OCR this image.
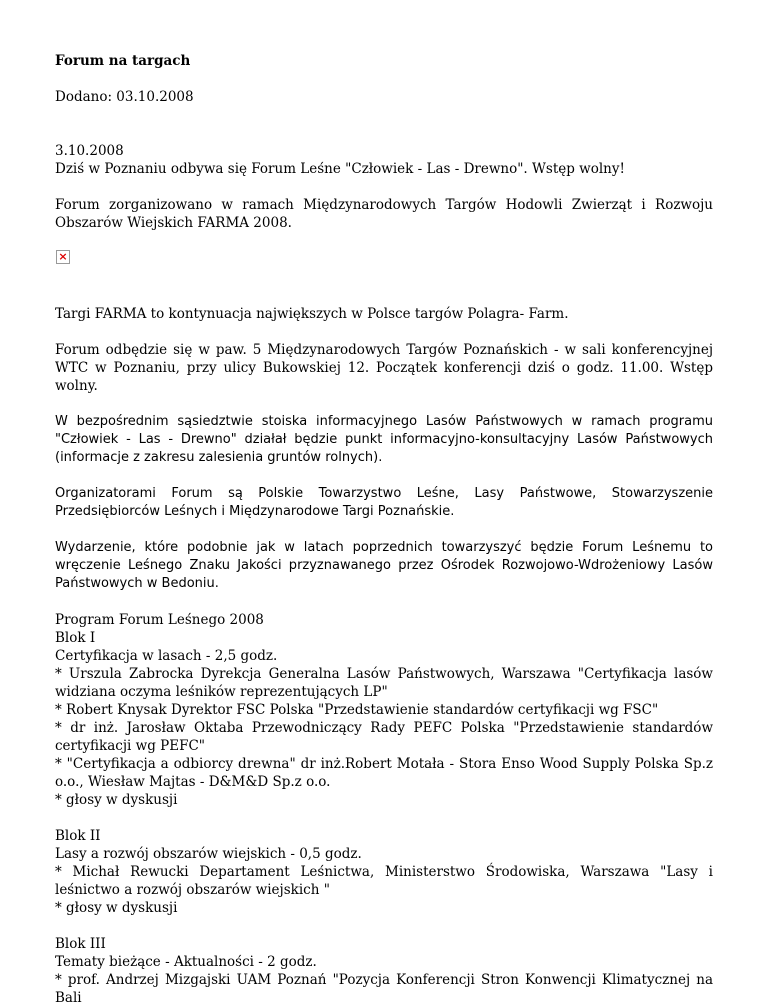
Forum na targach
Dodano: 03.10.2008
3.10.2008
Dziś w Poznaniu odbywa się Forum Leśne "Człowiek - Las - Drewno". Wstęp wolny!
Forum zorganizowano w ramach Międzynarodowych Targów Hodowli Zwierząt i Rozwoju Obszarów Wiejskich FARMA 2008.
×
Targi FARMA to kontynuacja największych w Polsce targów Polagra- Farm.
Forum odbędzie się w paw. 5 Międzynarodowych Targów Poznańskich - w sali konferencyjnej WTC w Poznaniu, przy ulicy Bukowskiej 12. Początek konferencji dziś o godz. 11.00. Wstęp wolny.
W bezpośrednim sąsiedztwie stoiska informacyjnego Lasów Państwowych w ramach programu "Człowiek - Las - Drewno" działał będzie punkt informacyjno-konsultacyjny Lasów Państwowych (informacje z zakresu zalesienia gruntów rolnych).
Organizatorami Forum są Polskie Towarzystwo Leśne, Lasy Państwowe, Stowarzyszenie Przedsiębiorców Leśnych i Międzynarodowe Targi Poznańskie.
Wydarzenie, które podobnie jak w latach poprzednich towarzyszyć będzie Forum Leśnemu to wręczenie Leśnego Znaku Jakości przyznawanego przez Ośrodek Rozwojowo-Wdrożeniowy Lasów Państwowych w Bedoniu.
Program Forum Leśnego 2008
Blok I
Certyfikacja w lasach - 2,5 godz.
* Urszula Zabrocka Dyrekcja Generalna Lasów Państwowych, Warszawa "Certyfikacja lasów widziana oczyma leśników reprezentujących LP"
* Robert Knysak Dyrektor FSC Polska "Przedstawienie standardów certyfikacji wg FSC"
* dr inż. Jarosław Oktaba Przewodniczący Rady PEFC Polska "Przedstawienie standardów certyfikacji wg PEFC"
* "Certyfikacja a odbiorcy drewna" dr inż.Robert Motała - Stora Enso Wood Supply Polska Sp.z o.o., Wiesław Majtas - D&M&D Sp.z o.o.
* głosy w dyskusji
Blok II
Lasy a rozwój obszarów wiejskich - 0,5 godz.
* Michał Rewucki Departament Leśnictwa, Ministerstwo Środowiska, Warszawa "Lasy i leśnictwo a rozwój obszarów wiejskich "
* głosy w dyskusji
Blok III
Tematy bieżące - Aktualności - 2 godz.
* prof. Andrzej Mizgajski UAM Poznań "Pozycja Konferencji Stron Konwencji Klimatycznej na Bali
